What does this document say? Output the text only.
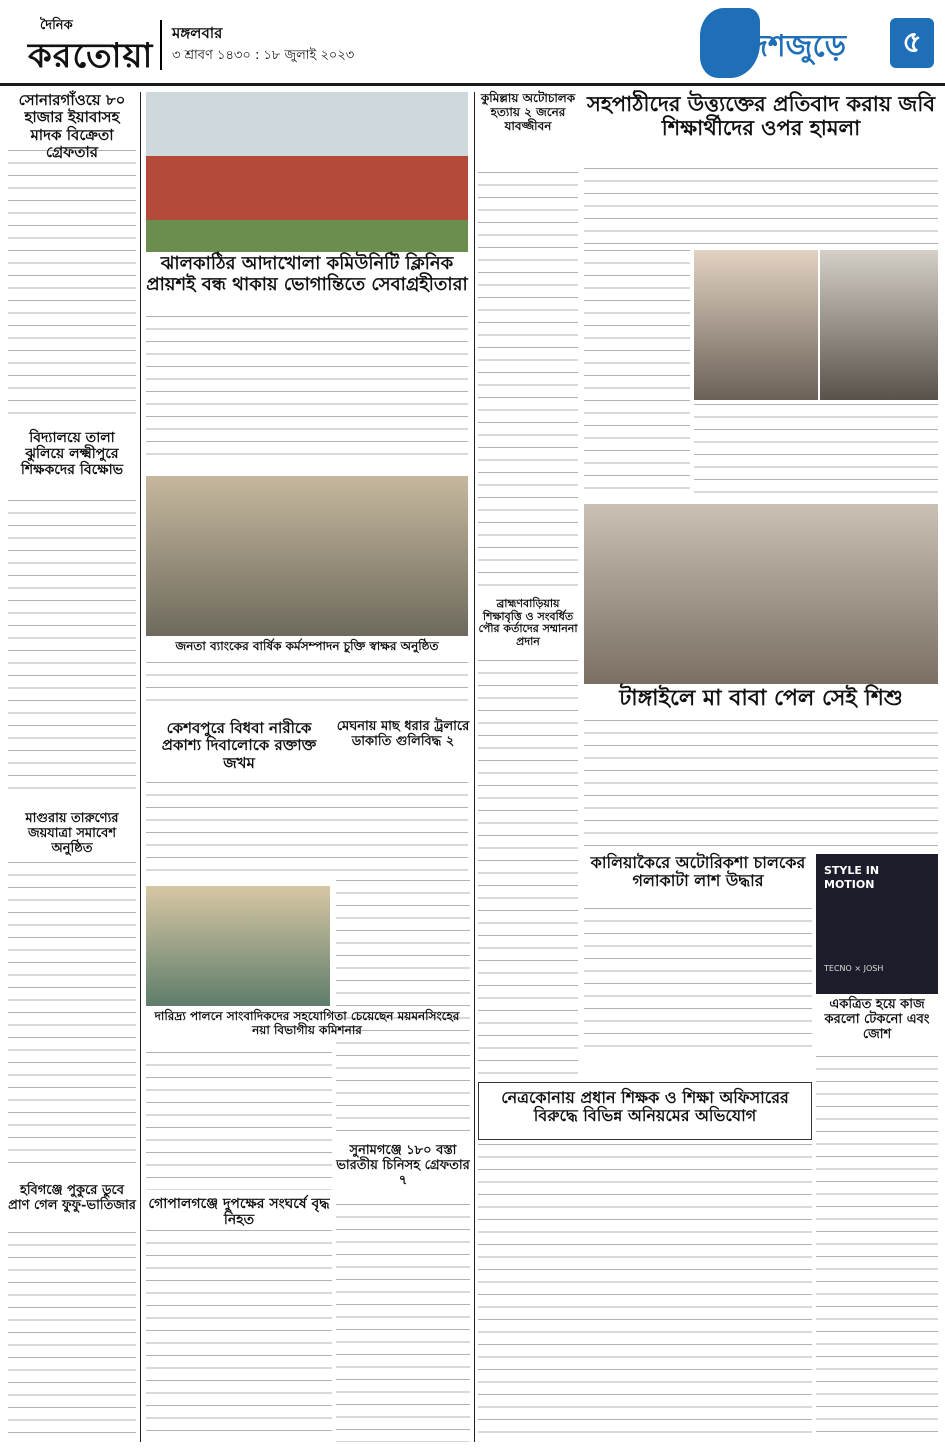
দৈনিক
করতোয়া
মঙ্গলবার
৩ শ্রাবণ ১৪৩০ : ১৮ জুলাই ২০২৩	দেশজুড়ে	৫
সোনারগাঁওয়ে ৮০ হাজার ইয়াবাসহ মাদক বিক্রেতা গ্রেফতার
বিদ্যালয়ে তালা ঝুলিয়ে লক্ষ্মীপুরে শিক্ষকদের বিক্ষোভ
মাগুরায় তারুণ্যের জয়যাত্রা সমাবেশ অনুষ্ঠিত
হবিগঞ্জে পুকুরে ডুবে প্রাণ গেল ফুফু-ভাতিজার
ঝালকাঠির আদাখোলা কমিউনিটি ক্লিনিক প্রায়শই বন্ধ থাকায় ভোগান্তিতে সেবাগ্রহীতারা
জনতা ব্যাংকের বার্ষিক কর্মসম্পাদন চুক্তি স্বাক্ষর অনুষ্ঠিত
কেশবপুরে বিধবা নারীকে প্রকাশ্য দিবালোকে রক্তাক্ত জখম
মেঘনায় মাছ ধরার ট্রলারে ডাকাতি গুলিবিদ্ধ ২
দারিদ্র্য পালনে সাংবাদিকদের সহযোগিতা চেয়েছেন ময়মনসিংহের নয়া বিভাগীয় কমিশনার
সুনামগঞ্জে ১৮০ বস্তা ভারতীয় চিনিসহ গ্রেফতার ৭
গোপালগঞ্জে দুপক্ষের সংঘর্ষে বৃদ্ধ নিহত
কুমিল্লায় অটোচালক হত্যায় ২ জনের যাবজ্জীবন
সহপাঠীদের উত্ত্যক্তের প্রতিবাদ করায় জবি শিক্ষার্থীদের ওপর হামলা
ব্রাহ্মণবাড়িয়ায় শিক্ষাবৃত্তি ও সংবর্ধিত পৌর কর্তাদের সম্মাননা প্রদান
টাঙ্গাইলে মা বাবা পেল সেই শিশু
কালিয়াকৈরে অটোরিকশা চালকের গলাকাটা লাশ উদ্ধার
STYLE IN
MOTION
TECNO × JOSH
একত্রিত হয়ে কাজ করলো টেকনো এবং জোশ
নেত্রকোনায় প্রধান শিক্ষক ও শিক্ষা অফিসারের বিরুদ্ধে বিভিন্ন অনিয়মের অভিযোগ
